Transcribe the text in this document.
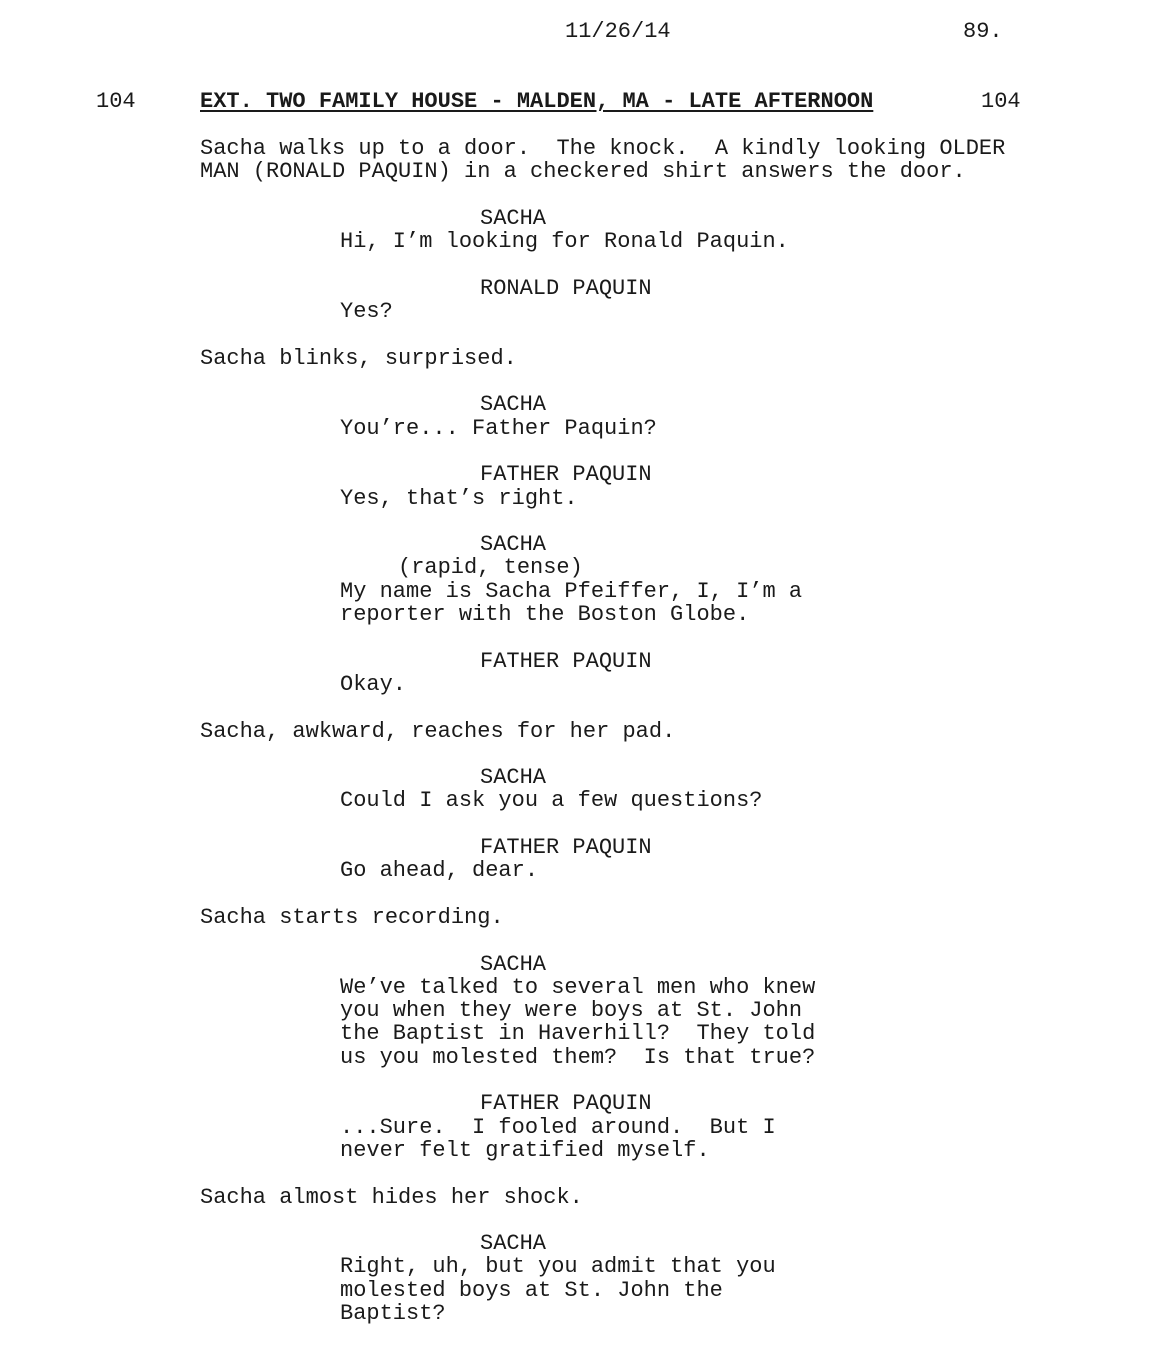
11/26/14	89.
104	EXT. TWO FAMILY HOUSE - MALDEN, MA - LATE AFTERNOON	104
Sacha walks up to a door.  The knock.  A kindly looking OLDER
MAN (RONALD PAQUIN) in a checkered shirt answers the door.
SACHA
Hi, I’m looking for Ronald Paquin.
RONALD PAQUIN
Yes?
Sacha blinks, surprised.
SACHA
You’re... Father Paquin?
FATHER PAQUIN
Yes, that’s right.
SACHA
(rapid, tense)
My name is Sacha Pfeiffer, I, I’m a
reporter with the Boston Globe.
FATHER PAQUIN
Okay.
Sacha, awkward, reaches for her pad.
SACHA
Could I ask you a few questions?
FATHER PAQUIN
Go ahead, dear.
Sacha starts recording.
SACHA
We’ve talked to several men who knew
you when they were boys at St. John
the Baptist in Haverhill?  They told
us you molested them?  Is that true?
FATHER PAQUIN
...Sure.  I fooled around.  But I
never felt gratified myself.
Sacha almost hides her shock.
SACHA
Right, uh, but you admit that you
molested boys at St. John the
Baptist?
